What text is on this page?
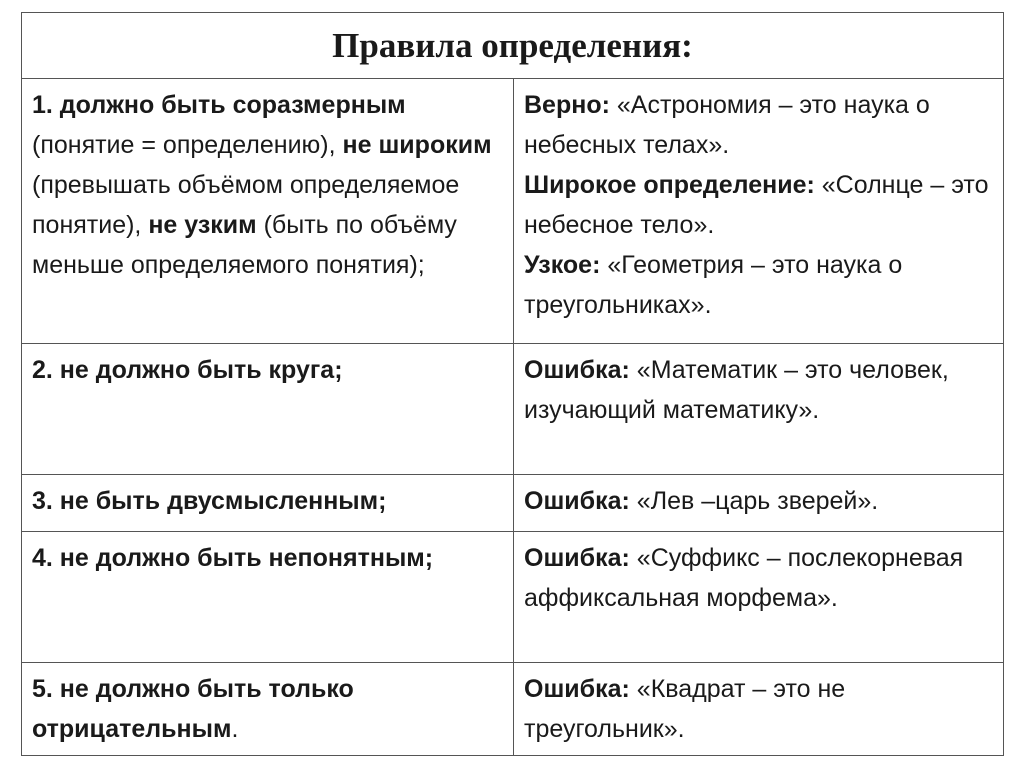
Правила определения:	
1. должно быть соразмерным (понятие = определению), не широким (превышать объёмом определяемое понятие), не узким (быть по объёму меньше определяемого понятия);	Верно: «Астрономия – это наука о небесных телах».
Широкое определение: «Солнце – это небесное тело».
Узкое: «Геометрия – это наука о треугольниках».
2. не должно быть круга;	Ошибка: «Математик – это человек, изучающий математику».
3. не быть двусмысленным;	Ошибка: «Лев –царь зверей».
4. не должно быть непонятным;	Ошибка: «Суффикс – послекорневая аффиксальная морфема».
5. не должно быть только отрицательным.	Ошибка: «Квадрат – это не треугольник».
